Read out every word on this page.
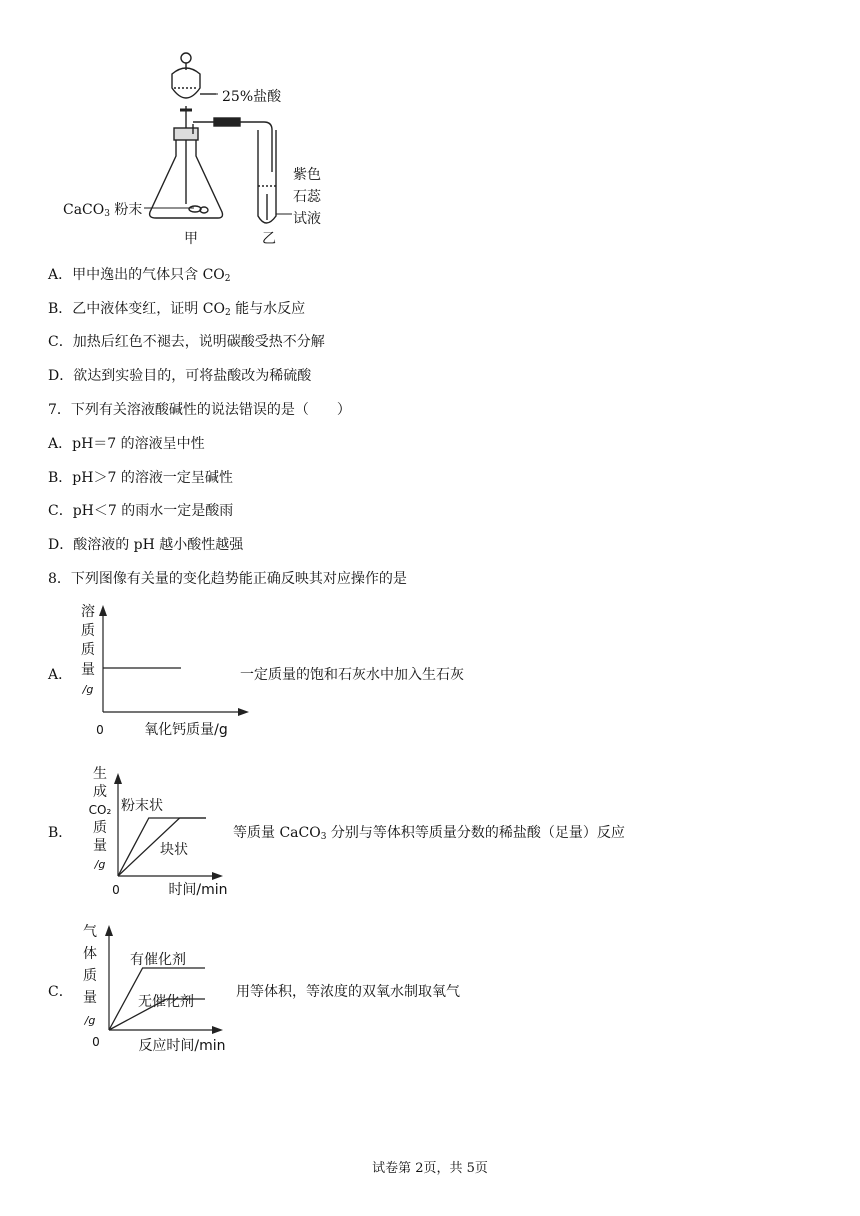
25%盐酸
CaCO$_3$ 粉末
甲	乙
紫色
石蕊
试液
A．甲中逸出的气体只含 $CO_2$
B．乙中液体变红，证明 $CO_2$ 能与水反应
C．加热后红色不褪去，说明碳酸受热不分解
D．欲达到实验目的，可将盐酸改为稀硫酸
7．下列有关溶液酸碱性的说法错误的是（　　）
A．pH＝7 的溶液呈中性
B．pH＞7 的溶液一定呈碱性
C．pH＜7 的雨水一定是酸雨
D．酸溶液的 pH 越小酸性越强
8．下列图像有关量的变化趋势能正确反映其对应操作的是
A．
溶
质
质
量
/g
0	氧化钙质量/g
一定质量的饱和石灰水中加入生石灰
B．
生
成
CO₂
质
量
/g
0	时间/min
粉末状
块状
等质量 CaCO$_3$ 分别与等体积等质量分数的稀盐酸（足量）反应
C．
气
体
质
量
/g
0	反应时间/min
有催化剂
无催化剂
用等体积，等浓度的双氧水制取氧气
试卷第 2页，共 5页
